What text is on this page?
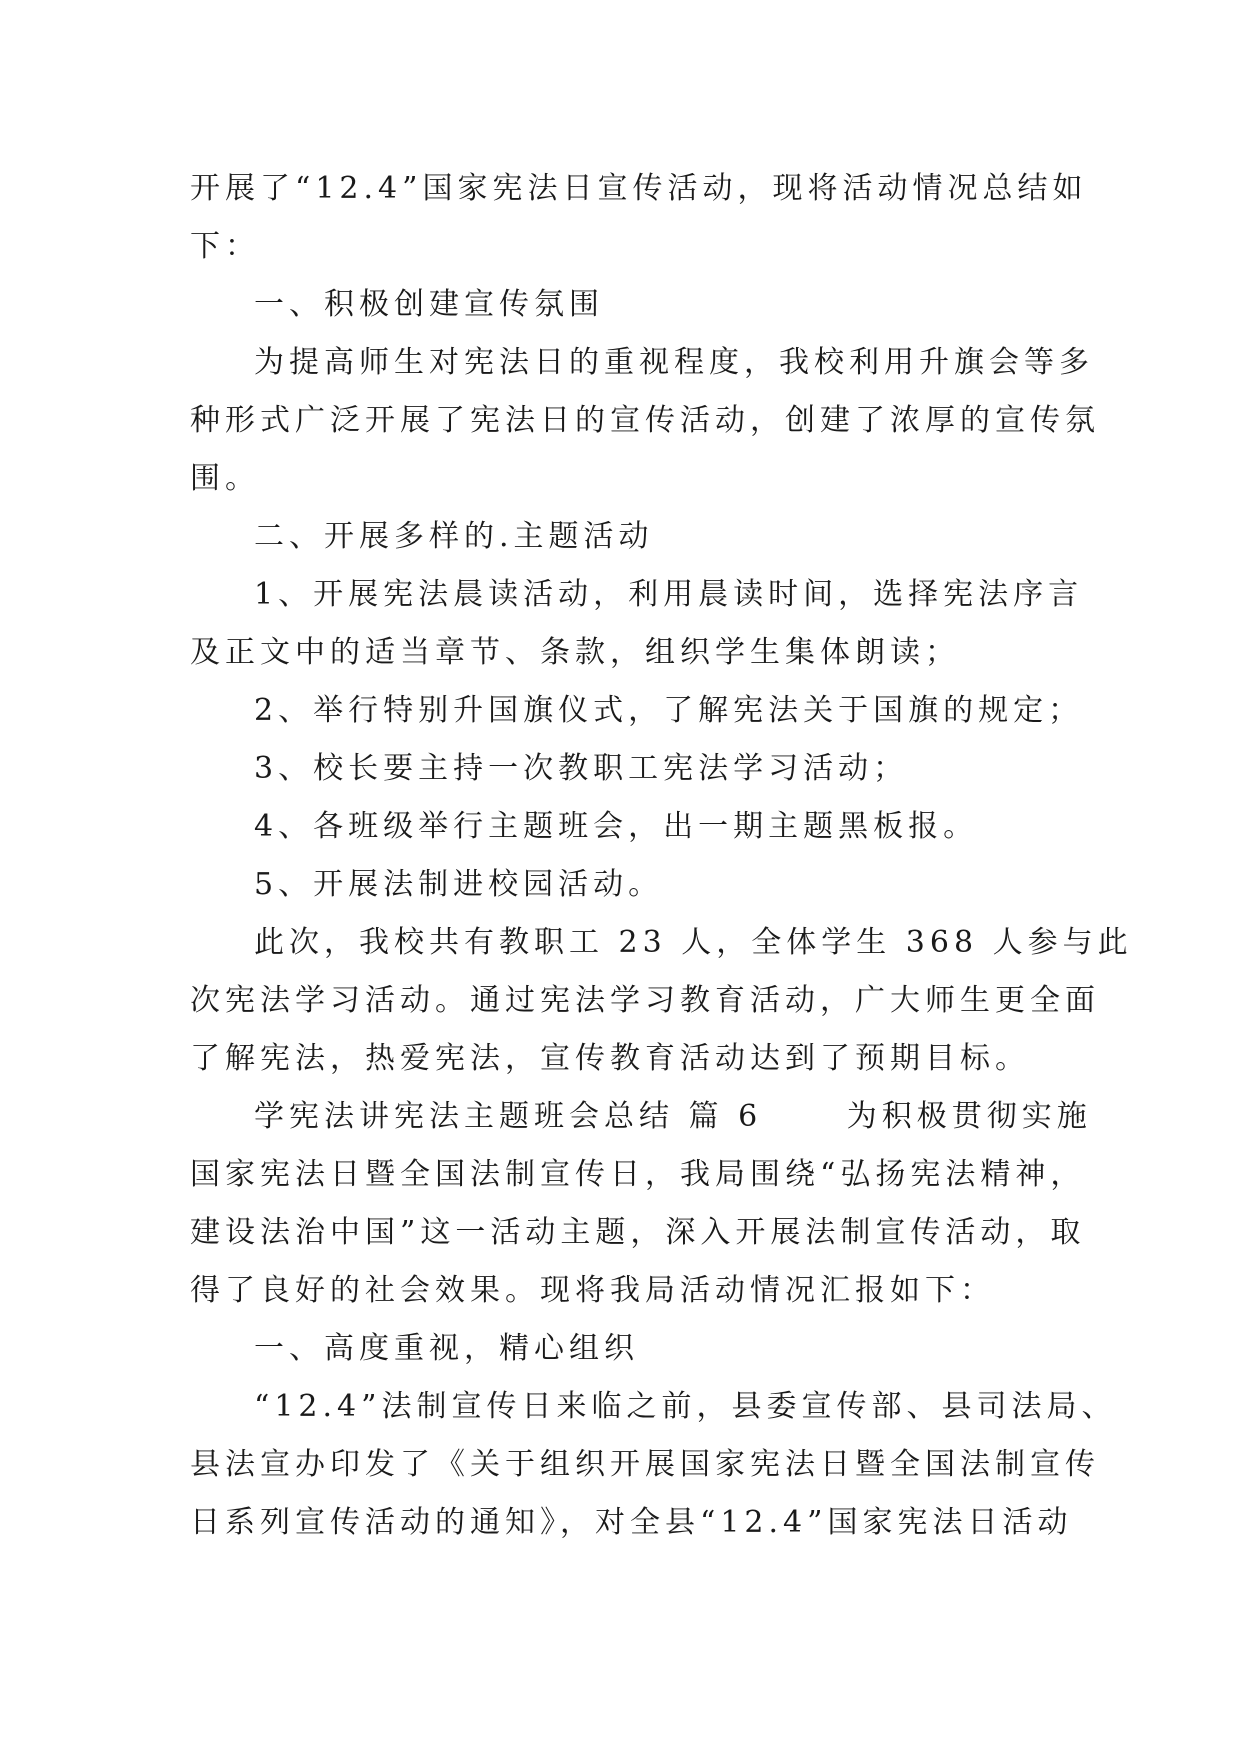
开展了“12.4”国家宪法日宣传活动，现将活动情况总结如
下：
一、积极创建宣传氛围
为提高师生对宪法日的重视程度，我校利用升旗会等多
种形式广泛开展了宪法日的宣传活动，创建了浓厚的宣传氛
围。
二、开展多样的.主题活动
1、开展宪法晨读活动，利用晨读时间，选择宪法序言
及正文中的适当章节、条款，组织学生集体朗读；
2、举行特别升国旗仪式，了解宪法关于国旗的规定；
3、校长要主持一次教职工宪法学习活动；
4、各班级举行主题班会，出一期主题黑板报。
5、开展法制进校园活动。
此次，我校共有教职工 23 人，全体学生 368 人参与此
次宪法学习活动。通过宪法学习教育活动，广大师生更全面
了解宪法，热爱宪法，宣传教育活动达到了预期目标。
学宪法讲宪法主题班会总结 篇 6　　 为积极贯彻实施
国家宪法日暨全国法制宣传日，我局围绕“弘扬宪法精神，
建设法治中国”这一活动主题，深入开展法制宣传活动，取
得了良好的社会效果。现将我局活动情况汇报如下：
一、高度重视，精心组织
“12.4”法制宣传日来临之前，县委宣传部、县司法局、
县法宣办印发了《关于组织开展国家宪法日暨全国法制宣传
日系列宣传活动的通知》，对全县“12.4”国家宪法日活动
